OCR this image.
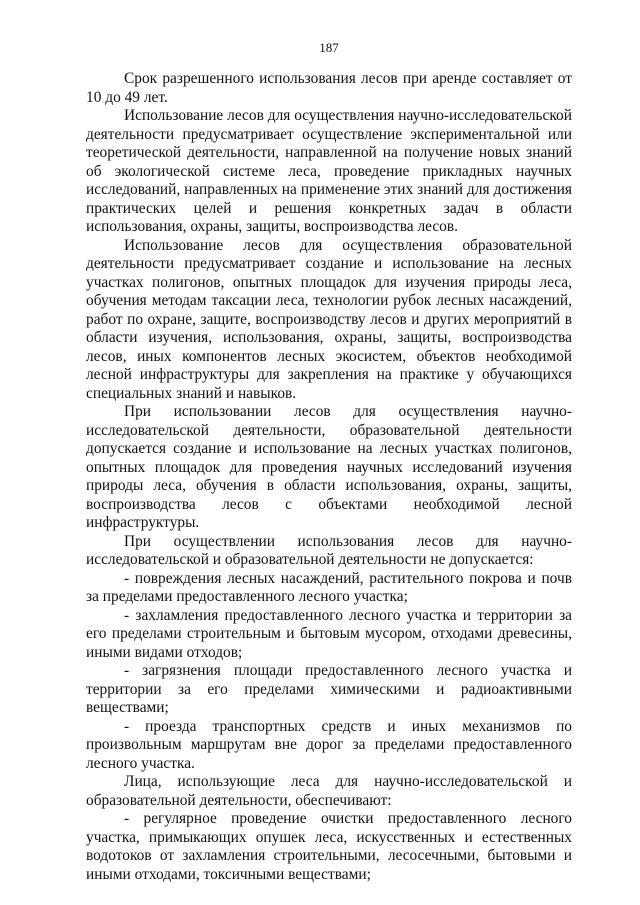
187

Срок разрешенного использования лесов при аренде составляет от 10 до 49 лет.

Использование лесов для осуществления научно-исследовательской деятельности предусматривает осуществление экспериментальной или теоретической деятельности, направленной на получение новых знаний об экологической системе леса, проведение прикладных научных исследований, направленных на применение этих знаний для достижения практических целей и решения конкретных задач в области использования, охраны, защиты, воспроизводства лесов.

Использование лесов для осуществления образовательной деятельности предусматривает создание и использование на лесных участках полигонов, опытных площадок для изучения природы леса, обучения методам таксации леса, технологии рубок лесных насаждений, работ по охране, защите, воспроизводству лесов и других мероприятий в области изучения, использования, охраны, защиты, воспроизводства лесов, иных компонентов лесных экосистем, объектов необходимой лесной инфраструктуры для закрепления на практике у обучающихся специальных знаний и навыков.

При использовании лесов для осуществления научно-исследовательской деятельности, образовательной деятельности допускается создание и использование на лесных участках полигонов, опытных площадок для проведения научных исследований изучения природы леса, обучения в области использования, охраны, защиты, воспроизводства лесов с объектами необходимой лесной инфраструктуры.

При осуществлении использования лесов для научно-исследовательской и образовательной деятельности не допускается:

- повреждения лесных насаждений, растительного покрова и почв за пределами предоставленного лесного участка;

- захламления предоставленного лесного участка и территории за его пределами строительным и бытовым мусором, отходами древесины, иными видами отходов;

- загрязнения площади предоставленного лесного участка и территории за его пределами химическими и радиоактивными веществами;

- проезда транспортных средств и иных механизмов по произвольным маршрутам вне дорог за пределами предоставленного лесного участка.

Лица, использующие леса для научно-исследовательской и образовательной деятельности, обеспечивают:

- регулярное проведение очистки предоставленного лесного участка, примыкающих опушек леса, искусственных и естественных водотоков от захламления строительными, лесосечными, бытовыми и иными отходами, токсичными веществами;
